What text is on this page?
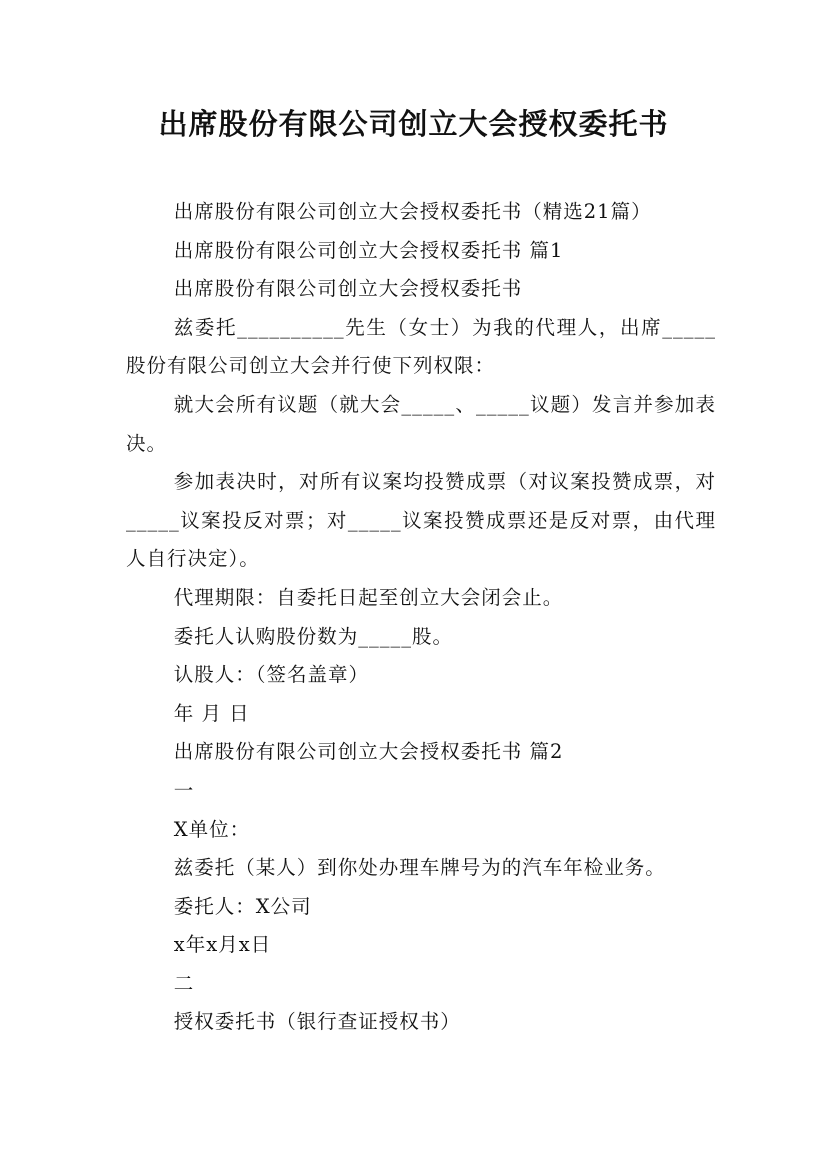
出席股份有限公司创立大会授权委托书

出席股份有限公司创立大会授权委托书（精选21篇）

出席股份有限公司创立大会授权委托书 篇1

出席股份有限公司创立大会授权委托书

兹委托__________先生（女士）为我的代理人，出席_____股份有限公司创立大会并行使下列权限：

就大会所有议题（就大会_____、_____议题）发言并参加表决。

参加表决时，对所有议案均投赞成票（对议案投赞成票，对_____议案投反对票；对_____议案投赞成票还是反对票，由代理人自行决定）。

代理期限：自委托日起至创立大会闭会止。

委托人认购股份数为_____股。

认股人：（签名盖章）

年 月 日

出席股份有限公司创立大会授权委托书 篇2

一

X单位：

兹委托（某人）到你处办理车牌号为的汽车年检业务。

委托人：X公司

x年x月x日

二

授权委托书（银行查证授权书）
